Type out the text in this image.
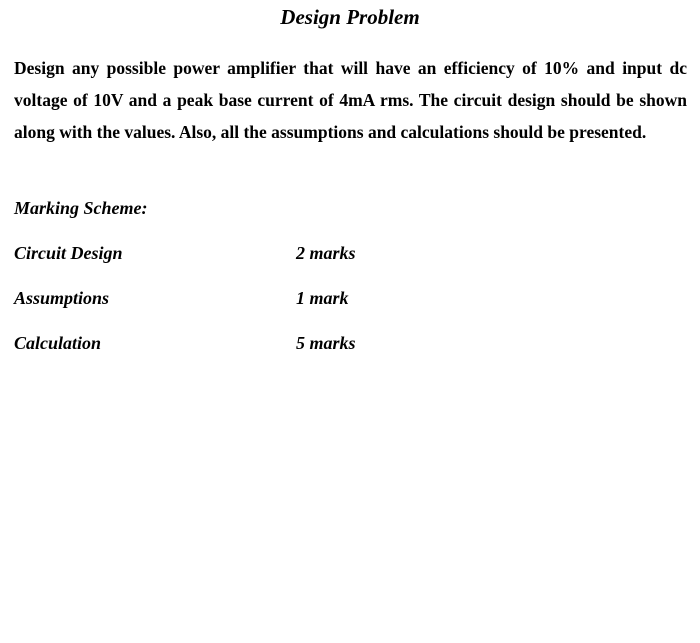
Design Problem

Design any possible power amplifier that will have an efficiency of 10% and input dc voltage of 10V and a peak base current of 4mA rms. The circuit design should be shown along with the values. Also, all the assumptions and calculations should be presented.

Marking Scheme:
Circuit Design	2 marks
Assumptions	1 mark
Calculation	5 marks
